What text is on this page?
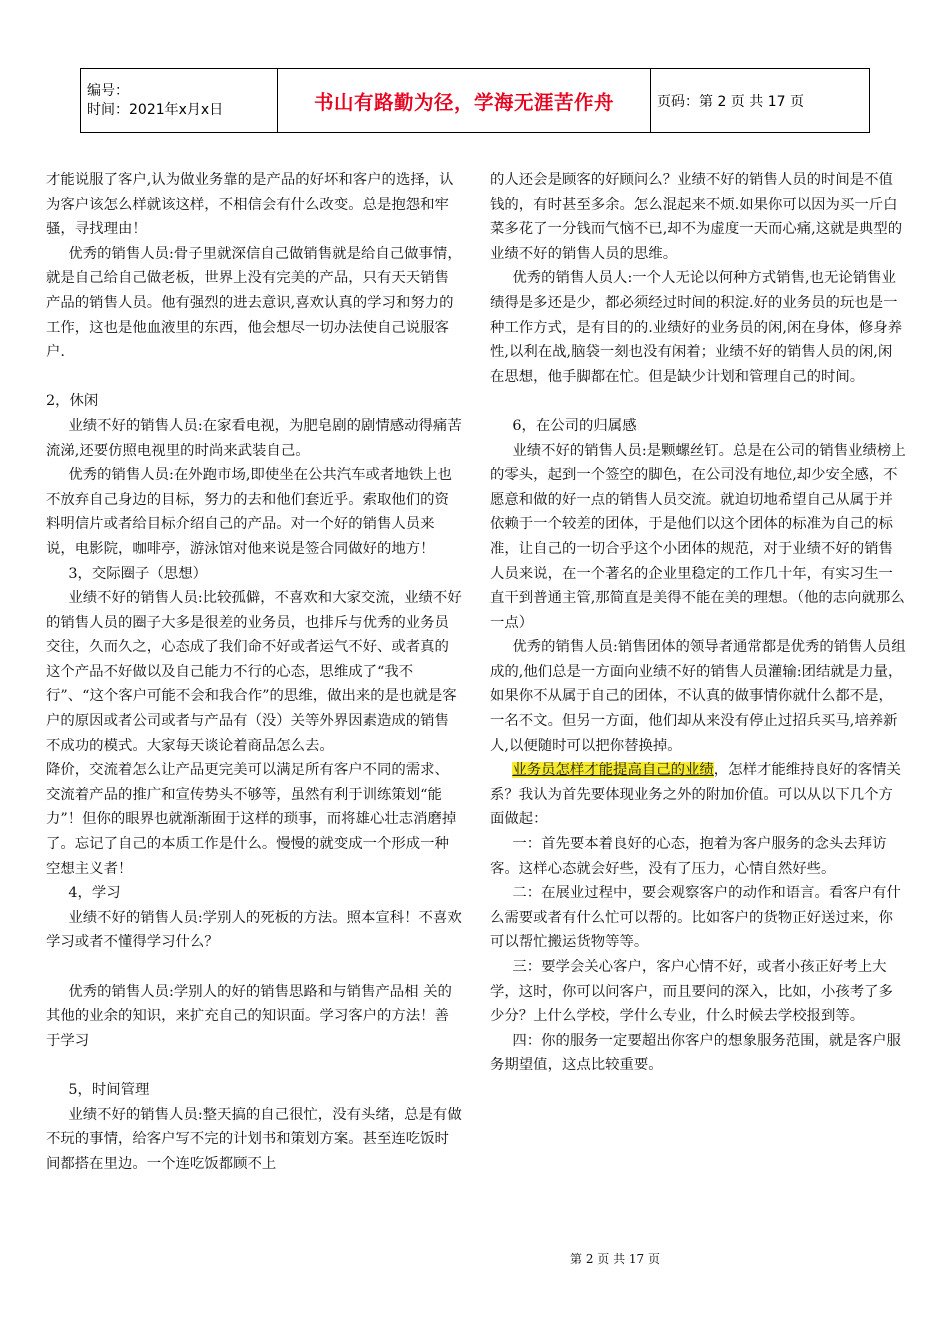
编号：
时间：2021年x月x日	书山有路勤为径，学海无涯苦作舟	页码：第 2 页 共 17 页

才能说服了客户,认为做业务靠的是产品的好坏和客户的选择，认为客户该怎么样就该这样，不相信会有什么改变。总是抱怨和牢骚，寻找理由！

优秀的销售人员:骨子里就深信自己做销售就是给自己做事情，就是自己给自己做老板，世界上没有完美的产品，只有天天销售产品的销售人员。他有强烈的进去意识,喜欢认真的学习和努力的工作，这也是他血液里的东西，他会想尽一切办法使自己说服客户.

2，休闲

业绩不好的销售人员:在家看电视，为肥皂剧的剧情感动得痛苦流涕,还要仿照电视里的时尚来武装自己。

优秀的销售人员:在外跑市场,即使坐在公共汽车或者地铁上也不放弃自己身边的目标，努力的去和他们套近乎。索取他们的资料明信片或者给目标介绍自己的产品。对一个好的销售人员来说，电影院，咖啡亭，游泳馆对他来说是签合同做好的地方！

3，交际圈子（思想）

业绩不好的销售人员:比较孤僻，不喜欢和大家交流，业绩不好的销售人员的圈子大多是很差的业务员，也排斥与优秀的业务员交往，久而久之，心态成了我们命不好或者运气不好、或者真的这个产品不好做以及自己能力不行的心态，思维成了“我不行”、“这个客户可能不会和我合作”的思维，做出来的是也就是客户的原因或者公司或者与产品有（没）关等外界因素造成的销售不成功的模式。大家每天谈论着商品怎么去。

降价，交流着怎么让产品更完美可以满足所有客户不同的需求、交流着产品的推广和宣传势头不够等，虽然有利于训练策划“能力”！但你的眼界也就渐渐囿于这样的琐事，而将雄心壮志消磨掉了。忘记了自己的本质工作是什么。慢慢的就变成一个形成一种空想主义者！

4，学习

业绩不好的销售人员:学别人的死板的方法。照本宣科！不喜欢学习或者不懂得学习什么？

优秀的销售人员:学别人的好的销售思路和与销售产品相 关的其他的业余的知识，来扩充自己的知识面。学习客户的方法！善于学习

5，时间管理

业绩不好的销售人员:整天搞的自己很忙，没有头绪，总是有做不玩的事情，给客户写不完的计划书和策划方案。甚至连吃饭时间都搭在里边。一个连吃饭都顾不上

的人还会是顾客的好顾问么？业绩不好的销售人员的时间是不值钱的，有时甚至多余。怎么混起来不烦.如果你可以因为买一斤白菜多花了一分钱而气恼不已,却不为虚度一天而心痛,这就是典型的业绩不好的销售人员的思维。

优秀的销售人员人:一个人无论以何种方式销售,也无论销售业绩得是多还是少，都必须经过时间的积淀.好的业务员的玩也是一种工作方式，是有目的的.业绩好的业务员的闲,闲在身体，修身养性,以利在战,脑袋一刻也没有闲着；业绩不好的销售人员的闲,闲在思想，他手脚都在忙。但是缺少计划和管理自己的时间。

6，在公司的归属感

业绩不好的销售人员:是颗螺丝钉。总是在公司的销售业绩榜上的零头，起到一个签空的脚色，在公司没有地位,却少安全感，不愿意和做的好一点的销售人员交流。就迫切地希望自己从属于并依赖于一个较差的团体，于是他们以这个团体的标准为自己的标准，让自己的一切合乎这个小团体的规范，对于业绩不好的销售人员来说，在一个著名的企业里稳定的工作几十年，有实习生一直干到普通主管,那简直是美得不能在美的理想。（他的志向就那么一点）

优秀的销售人员:销售团体的领导者通常都是优秀的销售人员组成的,他们总是一方面向业绩不好的销售人员灌输:团结就是力量，如果你不从属于自己的团体，不认真的做事情你就什么都不是，一名不文。但另一方面，他们却从来没有停止过招兵买马,培养新人,以便随时可以把你替换掉。

业务员怎样才能提高自己的业绩，怎样才能维持良好的客情关系？我认为首先要体现业务之外的附加价值。可以从以下几个方面做起：

一：首先要本着良好的心态，抱着为客户服务的念头去拜访客。这样心态就会好些，没有了压力，心情自然好些。

二：在展业过程中，要会观察客户的动作和语言。看客户有什么需要或者有什么忙可以帮的。比如客户的货物正好送过来，你可以帮忙搬运货物等等。

三：要学会关心客户，客户心情不好，或者小孩正好考上大学，这时，你可以问客户，而且要问的深入，比如，小孩考了多少分？上什么学校，学什么专业，什么时候去学校报到等。

四：你的服务一定要超出你客户的想象服务范围，就是客户服务期望值，这点比较重要。

第 2 页 共 17 页
